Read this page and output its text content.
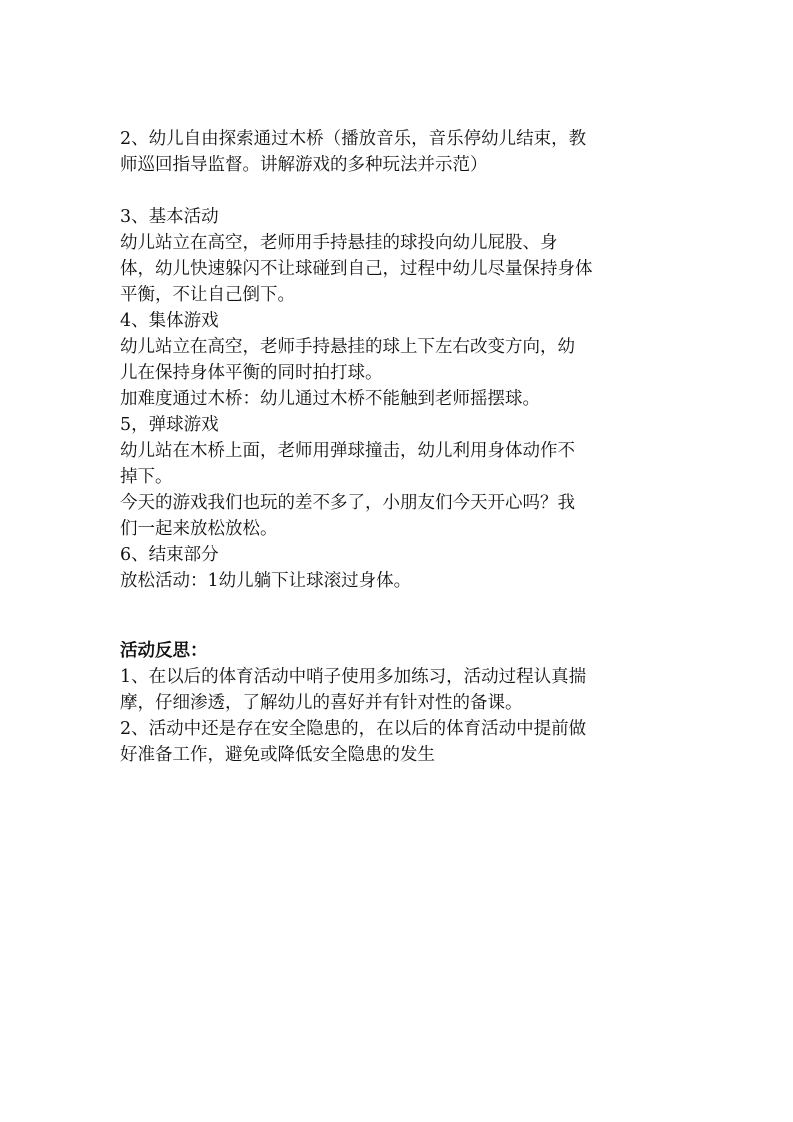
2、幼儿自由探索通过木桥（播放音乐，音乐停幼儿结束，教
师巡回指导监督。讲解游戏的多种玩法并示范）
3、基本活动
幼儿站立在高空，老师用手持悬挂的球投向幼儿屁股、身
体，幼儿快速躲闪不让球碰到自己，过程中幼儿尽量保持身体
平衡，不让自己倒下。
4、集体游戏
幼儿站立在高空，老师手持悬挂的球上下左右改变方向，幼
儿在保持身体平衡的同时拍打球。
加难度通过木桥：幼儿通过木桥不能触到老师摇摆球。
5，弹球游戏
幼儿站在木桥上面，老师用弹球撞击，幼儿利用身体动作不
掉下。
今天的游戏我们也玩的差不多了，小朋友们今天开心吗？我
们一起来放松放松。
6、结束部分
放松活动：1幼儿躺下让球滚过身体。
活动反思：
1、在以后的体育活动中哨子使用多加练习，活动过程认真揣
摩，仔细渗透，了解幼儿的喜好并有针对性的备课。
2、活动中还是存在安全隐患的，在以后的体育活动中提前做
好准备工作，避免或降低安全隐患的发生
